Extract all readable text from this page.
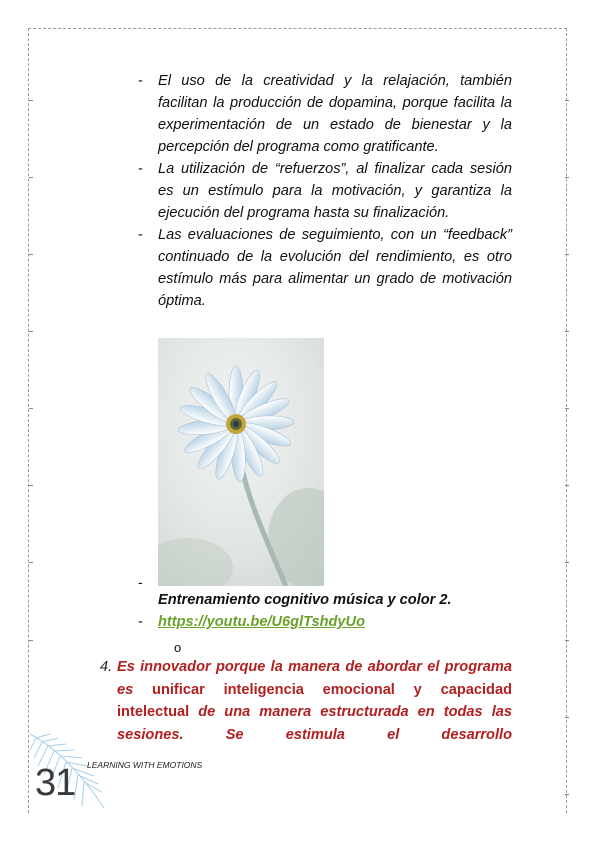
- El uso de la creatividad y la relajación, también facilitan la producción de dopamina, porque facilita la experimentación de un estado de bienestar y la percepción del programa como gratificante.
- La utilización de “refuerzos”, al finalizar cada sesión es un estímulo para la motivación, y garantiza la ejecución del programa hasta su finalización.
- Las evaluaciones de seguimiento, con un “feedback” continuado de la evolución del rendimiento, es otro estímulo más para alimentar un grado de motivación óptima.
-
Entrenamiento cognitivo música y color 2.
- https://youtu.be/U6glTshdyUo
o
4. Es innovador porque la manera de abordar el programa es unificar inteligencia emocional y capacidad intelectual de una manera estructurada en todas las sesiones. Se estimula el desarrollo
31 LEARNING WITH EMOTIONS
